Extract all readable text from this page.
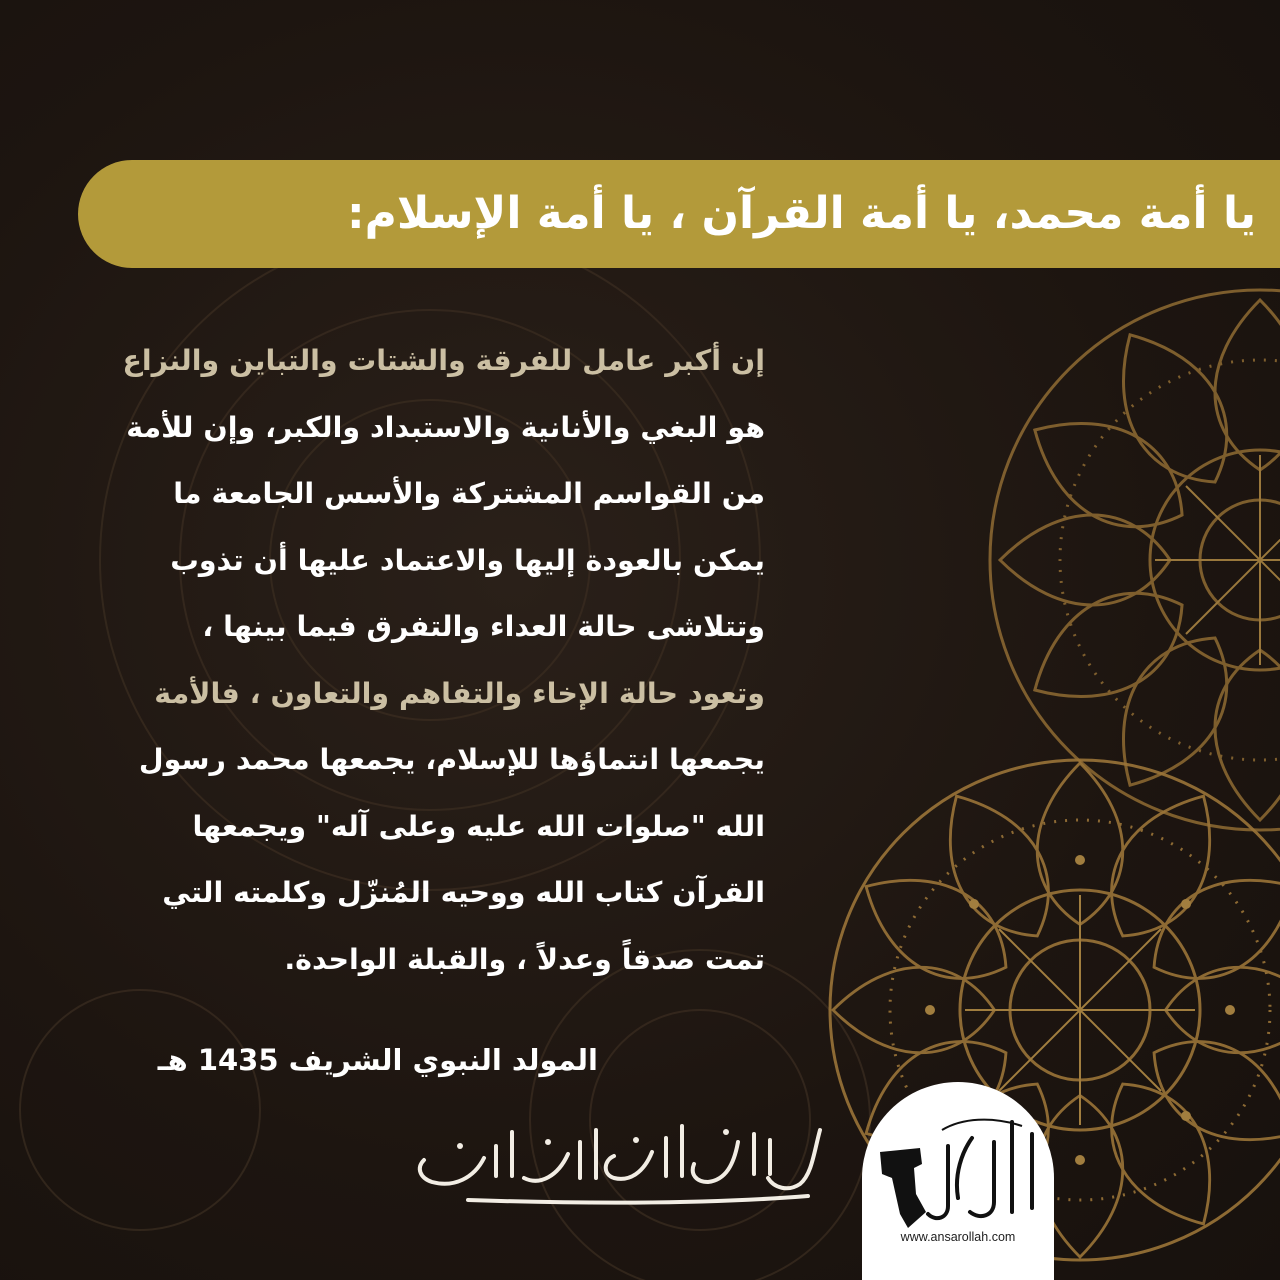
يا أمة محمد، يا أمة القرآن ، يا أمة الإسلام:
إن أكبر عامل للفرقة والشتات والتباين والنزاع
هو البغي والأنانية والاستبداد والكبر، وإن للأمة
من القواسم المشتركة والأسس الجامعة ما
يمكن بالعودة إليها والاعتماد عليها أن تذوب
وتتلاشى حالة العداء والتفرق فيما بينها ،
وتعود حالة الإخاء والتفاهم والتعاون ، فالأمة
يجمعها انتماؤها للإسلام، يجمعها محمد رسول
الله "صلوات الله عليه وعلى آله" ويجمعها
القرآن كتاب الله ووحيه المُنزّل وكلمته التي
تمت صدقاً وعدلاً ، والقبلة الواحدة.
المولد النبوي الشريف 1435 هـ
www.ansarollah.com
